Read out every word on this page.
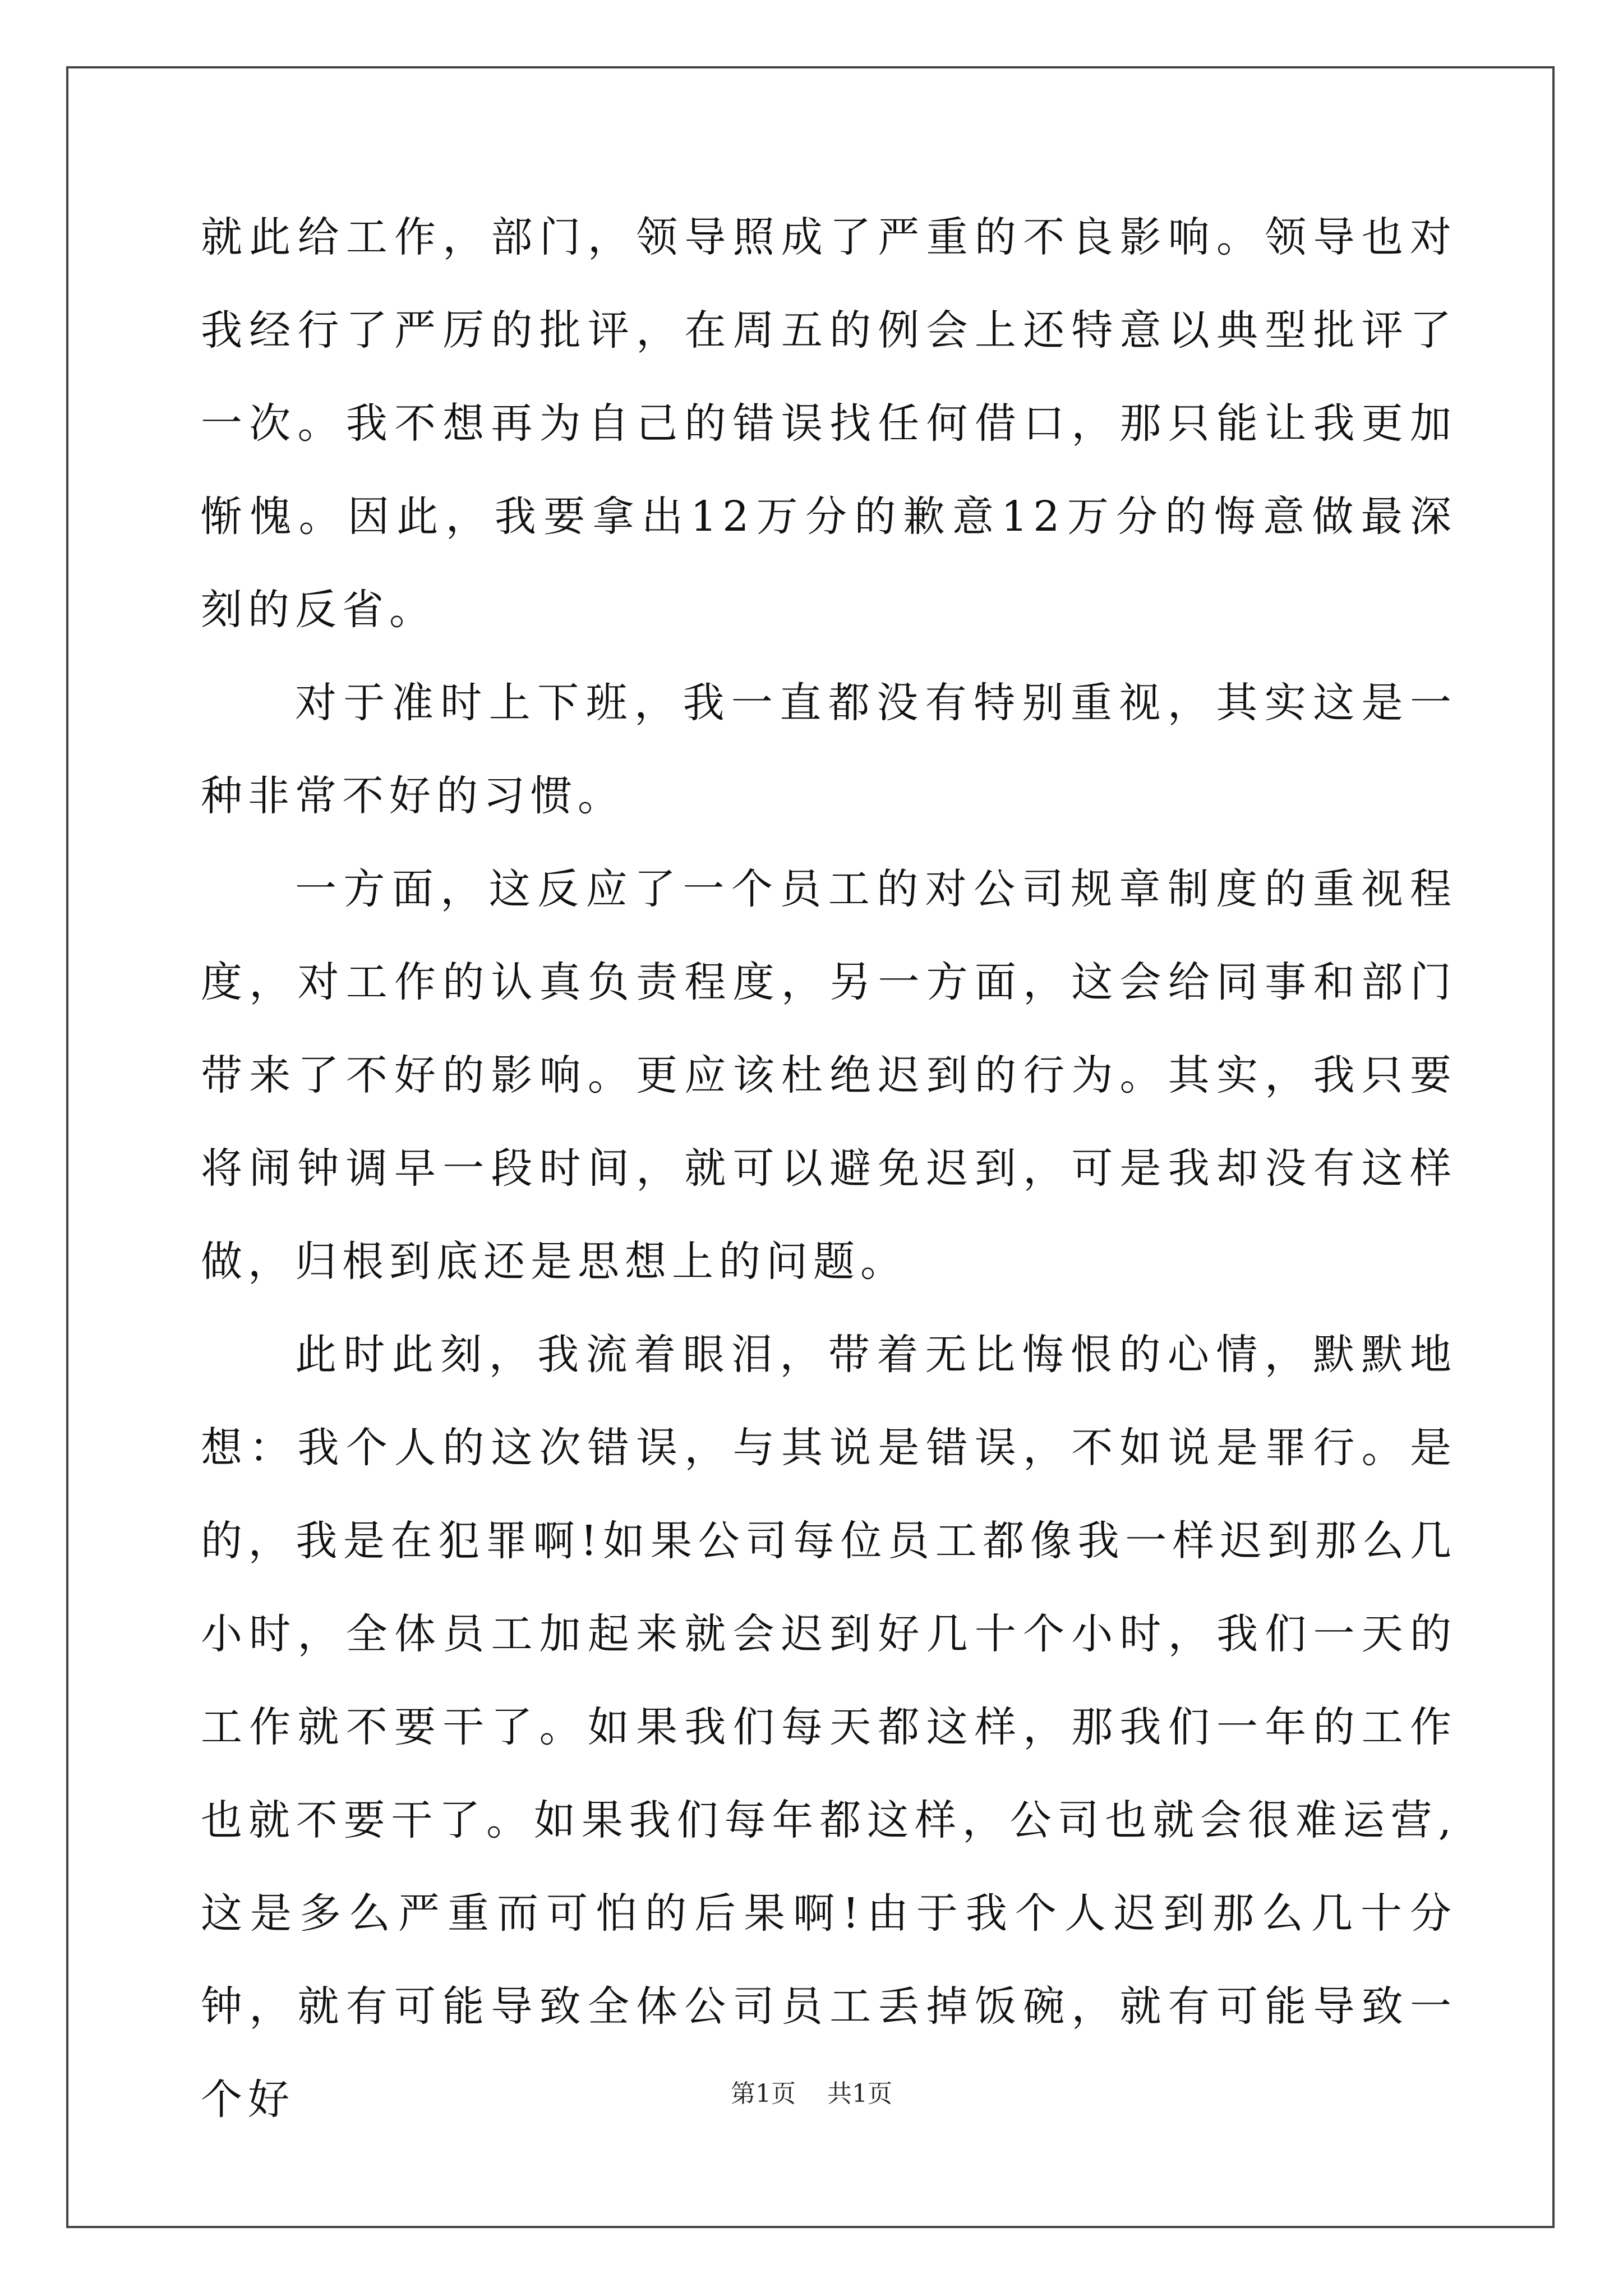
就此给工作，部门，领导照成了严重的不良影响。领导也对我经行了严厉的批评，在周五的例会上还特意以典型批评了一次。我不想再为自己的错误找任何借口，那只能让我更加惭愧。因此，我要拿出12万分的歉意12万分的悔意做最深刻的反省。

对于准时上下班，我一直都没有特别重视，其实这是一种非常不好的习惯。

一方面，这反应了一个员工的对公司规章制度的重视程度，对工作的认真负责程度，另一方面，这会给同事和部门带来了不好的影响。更应该杜绝迟到的行为。其实，我只要将闹钟调早一段时间，就可以避免迟到，可是我却没有这样做，归根到底还是思想上的问题。

此时此刻，我流着眼泪，带着无比悔恨的心情，默默地想：我个人的这次错误，与其说是错误，不如说是罪行。是的，我是在犯罪啊!如果公司每位员工都像我一样迟到那么几小时，全体员工加起来就会迟到好几十个小时，我们一天的工作就不要干了。如果我们每天都这样，那我们一年的工作也就不要干了。如果我们每年都这样，公司也就会很难运营,这是多么严重而可怕的后果啊!由于我个人迟到那么几十分钟，就有可能导致全体公司员工丢掉饭碗，就有可能导致一个好	第1页 共1页
